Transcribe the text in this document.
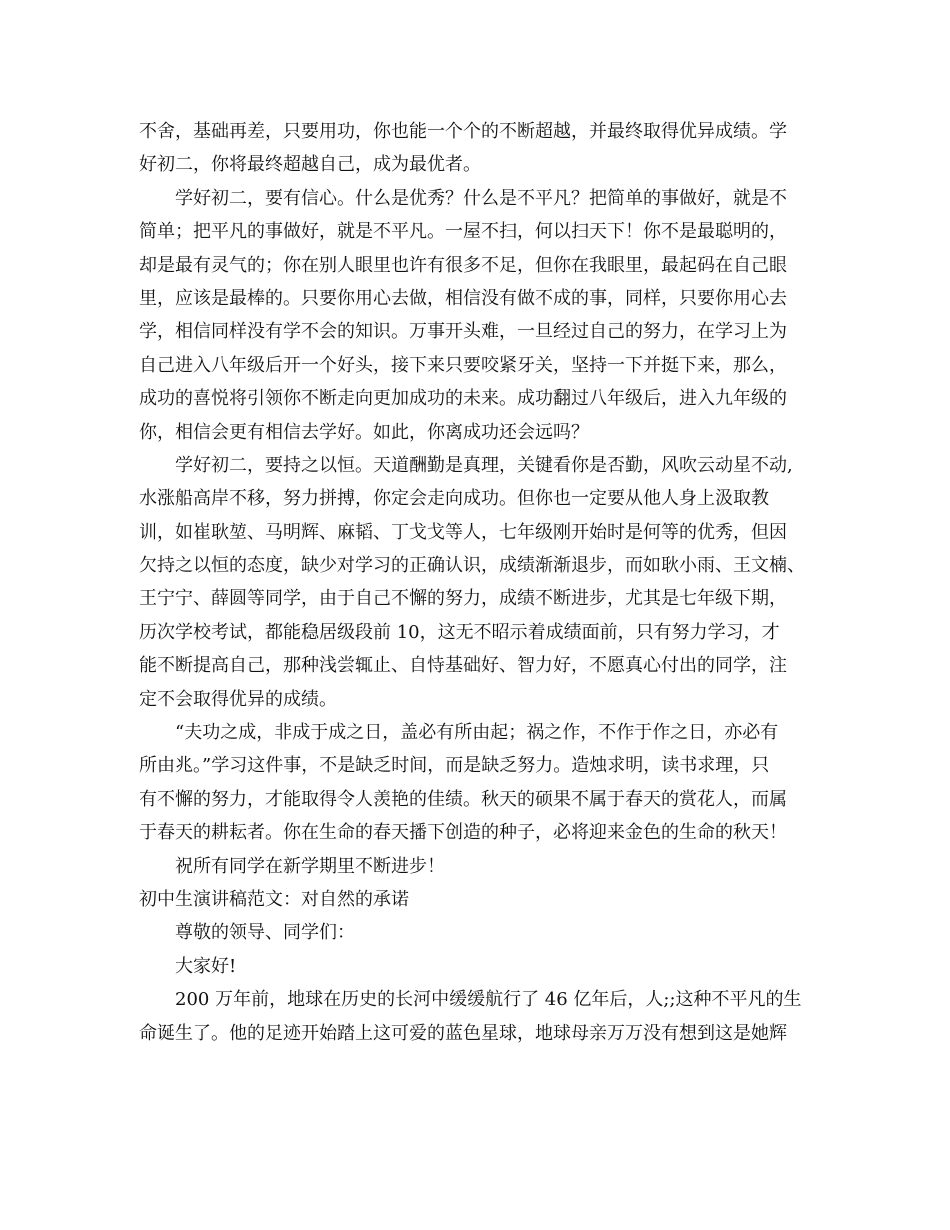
不舍，基础再差，只要用功，你也能一个个的不断超越，并最终取得优异成绩。学
好初二，你将最终超越自己，成为最优者。
学好初二，要有信心。什么是优秀？什么是不平凡？把简单的事做好，就是不
简单；把平凡的事做好，就是不平凡。一屋不扫，何以扫天下！你不是最聪明的，
却是最有灵气的；你在别人眼里也许有很多不足，但你在我眼里，最起码在自己眼
里，应该是最棒的。只要你用心去做，相信没有做不成的事，同样，只要你用心去
学，相信同样没有学不会的知识。万事开头难，一旦经过自己的努力，在学习上为
自己进入八年级后开一个好头，接下来只要咬紧牙关，坚持一下并挺下来，那么，
成功的喜悦将引领你不断走向更加成功的未来。成功翻过八年级后，进入九年级的
你，相信会更有相信去学好。如此，你离成功还会远吗？
学好初二，要持之以恒。天道酬勤是真理，关键看你是否勤，风吹云动星不动,
水涨船高岸不移，努力拼搏，你定会走向成功。但你也一定要从他人身上汲取教
训，如崔耿堃、马明辉、麻韬、丁戈戈等人，七年级刚开始时是何等的优秀，但因
欠持之以恒的态度，缺少对学习的正确认识，成绩渐渐退步，而如耿小雨、王文楠、
王宁宁、薛圆等同学，由于自己不懈的努力，成绩不断进步，尤其是七年级下期，
历次学校考试，都能稳居级段前 10，这无不昭示着成绩面前，只有努力学习，才
能不断提高自己，那种浅尝辄止、自恃基础好、智力好，不愿真心付出的同学，注
定不会取得优异的成绩。
“夫功之成，非成于成之日，盖必有所由起；祸之作，不作于作之日，亦必有
所由兆。”学习这件事，不是缺乏时间，而是缺乏努力。造烛求明，读书求理，只
有不懈的努力，才能取得令人羡艳的佳绩。秋天的硕果不属于春天的赏花人，而属
于春天的耕耘者。你在生命的春天播下创造的种子，必将迎来金色的生命的秋天！
祝所有同学在新学期里不断进步！
初中生演讲稿范文：对自然的承诺
尊敬的领导、同学们：
大家好!
200 万年前，地球在历史的长河中缓缓航行了 46 亿年后，人;;这种不平凡的生
命诞生了。他的足迹开始踏上这可爱的蓝色星球，地球母亲万万没有想到这是她辉
